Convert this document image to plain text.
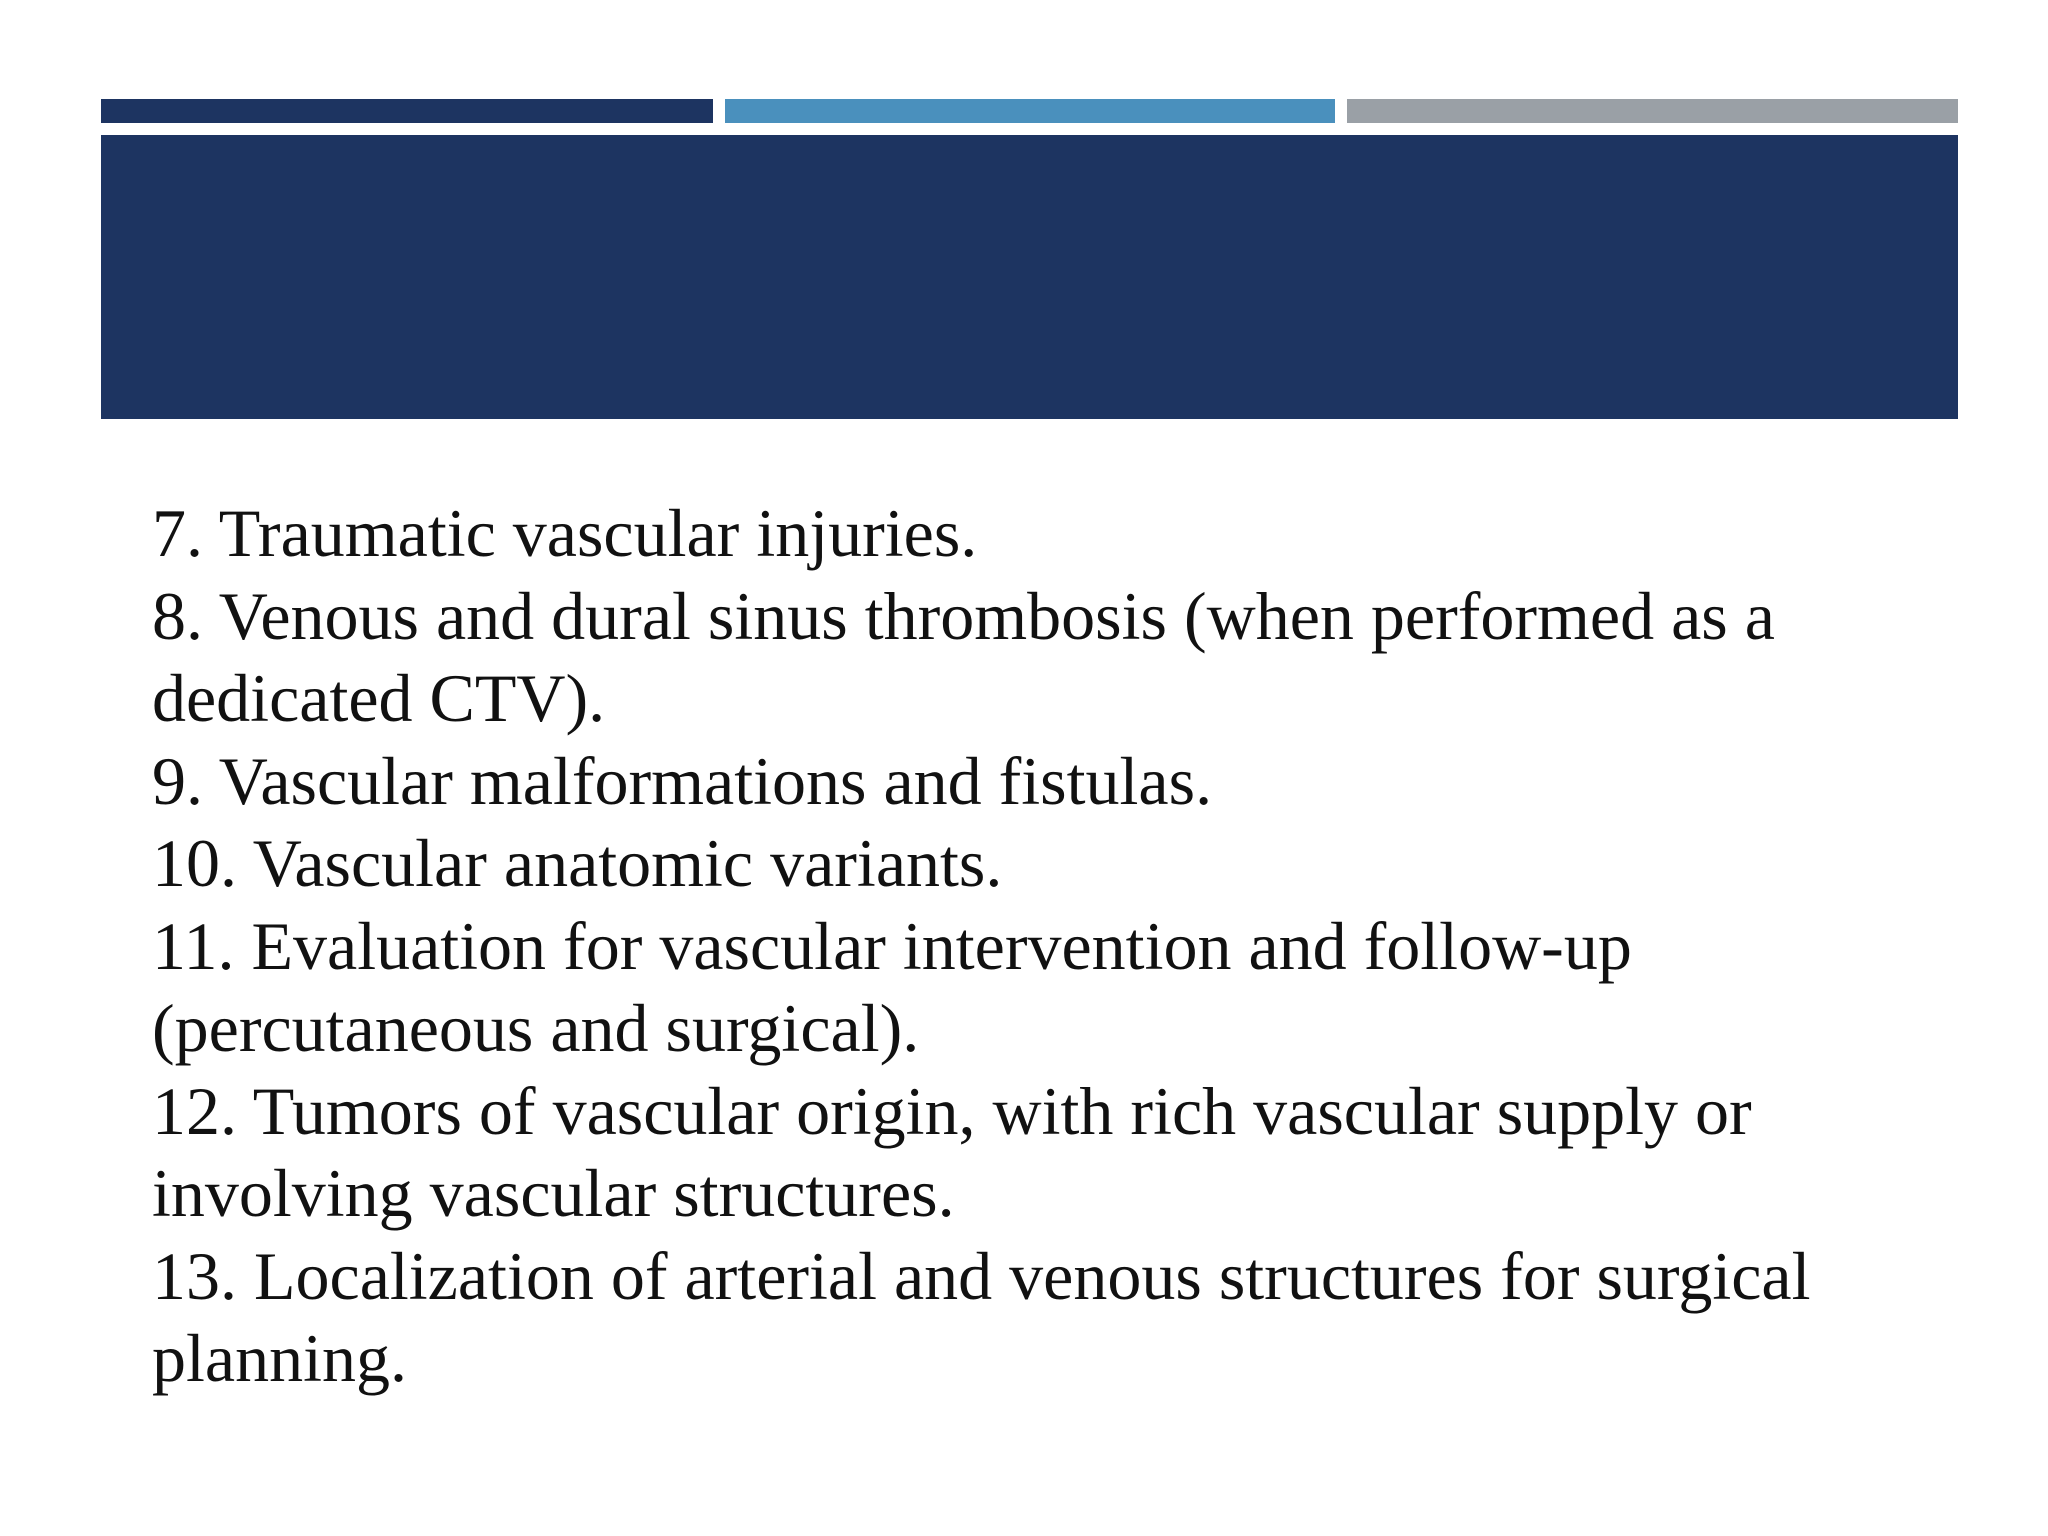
7. Traumatic vascular injuries.
8. Venous and dural sinus thrombosis (when performed as a dedicated CTV).
9. Vascular malformations and fistulas.
10. Vascular anatomic variants.
11. Evaluation for vascular intervention and follow-up (percutaneous and surgical).
12. Tumors of vascular origin, with rich vascular supply or involving vascular structures.
13. Localization of arterial and venous structures for surgical planning.
